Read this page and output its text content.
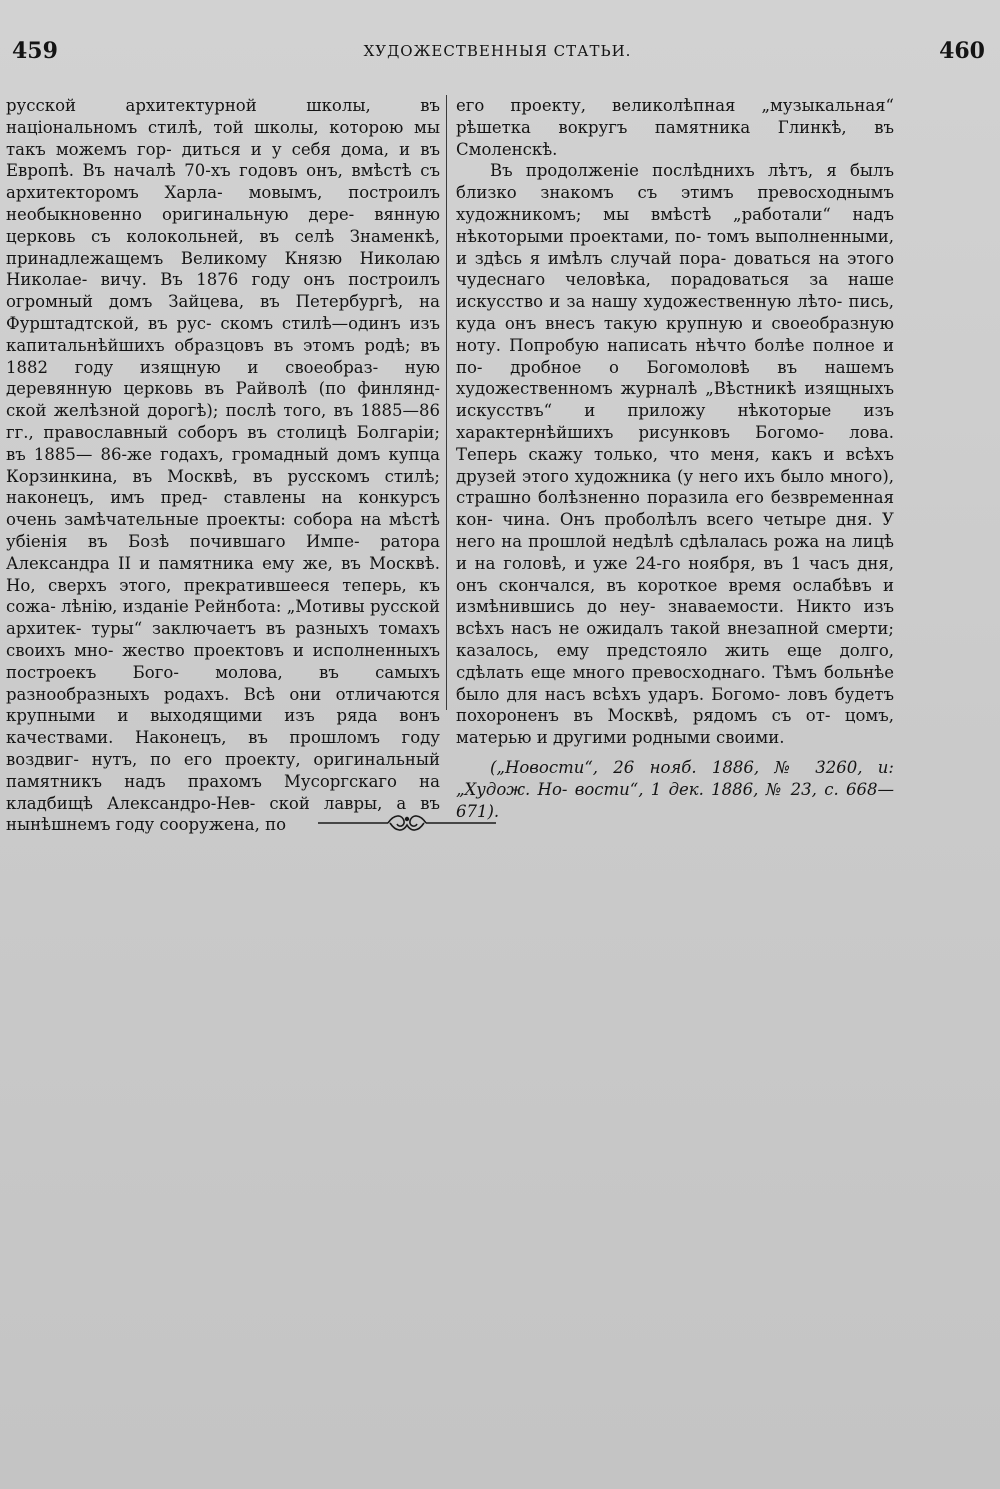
459	ХУДОЖЕСТВЕННЫЯ СТАТЬИ.	460

русской архитектурной школы, въ національномъ стилѣ, той школы, которою мы такъ можемъ гор- диться и у себя дома, и въ Европѣ. Въ началѣ 70-хъ годовъ онъ, вмѣстѣ съ архитекторомъ Харла- мовымъ, построилъ необыкновенно оригинальную дере- вянную церковь съ колокольней, въ селѣ Знаменкѣ, принадлежащемъ Великому Князю Николаю Николае- вичу. Въ 1876 году онъ построилъ огромный домъ Зайцева, въ Петербургѣ, на Фурштадтской, въ рус- скомъ стилѣ—одинъ изъ капитальнѣйшихъ образцовъ въ этомъ родѣ; въ 1882 году изящную и своеобраз- ную деревянную церковь въ Райволѣ (по финлянд- ской желѣзной дорогѣ); послѣ того, въ 1885—86 гг., православный соборъ въ столицѣ Болгаріи; въ 1885— 86-же годахъ, громадный домъ купца Корзинкина, въ Москвѣ, въ русскомъ стилѣ; наконецъ, имъ пред- ставлены на конкурсъ очень замѣчательные проекты: собора на мѣстѣ убіенія въ Бозѣ почившаго Импе- ратора Александра II и памятника ему же, въ Москвѣ. Но, сверхъ этого, прекратившееся теперь, къ сожа- лѣнію, изданіе Рейнбота: „Мотивы русской архитек- туры“ заключаетъ въ разныхъ томахъ своихъ мно- жество проектовъ и исполненныхъ построекъ Бого- молова, въ самыхъ разнообразныхъ родахъ. Всѣ они отличаются крупными и выходящими изъ ряда вонъ качествами. Наконецъ, въ прошломъ году воздвиг- нутъ, по его проекту, оригинальный памятникъ надъ прахомъ Мусоргскаго на кладбищѣ Александро-Нев- ской лавры, а въ нынѣшнемъ году сооружена, по

его проекту, великолѣпная „музыкальная“ рѣшетка вокругъ памятника Глинкѣ, въ Смоленскѣ.

Въ продолженіе послѣднихъ лѣтъ, я былъ близко знакомъ съ этимъ превосходнымъ художникомъ; мы вмѣстѣ „работали“ надъ нѣкоторыми проектами, по- томъ выполненными, и здѣсь я имѣлъ случай пора- доваться на этого чудеснаго человѣка, порадоваться за наше искусство и за нашу художественную лѣто- пись, куда онъ внесъ такую крупную и своеобразную ноту. Попробую написать нѣчто болѣе полное и по- дробное о Богомоловѣ въ нашемъ художественномъ журналѣ „Вѣстникѣ изящныхъ искусствъ“ и приложу нѣкоторые изъ характернѣйшихъ рисунковъ Богомо- лова. Теперь скажу только, что меня, какъ и всѣхъ друзей этого художника (у него ихъ было много), страшно болѣзненно поразила его безвременная кон- чина. Онъ проболѣлъ всего четыре дня. У него на прошлой недѣлѣ сдѣлалась рожа на лицѣ и на головѣ, и уже 24-го ноября, въ 1 часъ дня, онъ скончался, въ короткое время ослабѣвъ и измѣнившись до неу- знаваемости. Никто изъ всѣхъ насъ не ожидалъ такой внезапной смерти; казалось, ему предстояло жить еще долго, сдѣлать еще много превосходнаго. Тѣмъ больнѣе было для насъ всѣхъ ударъ. Богомо- ловъ будетъ похороненъ въ Москвѣ, рядомъ съ от- цомъ, матерью и другими родными своими.

(„Новости“, 26 нояб. 1886, № 3260, и: „Худож. Но- вости“, 1 дек. 1886, № 23, с. 668—671).
